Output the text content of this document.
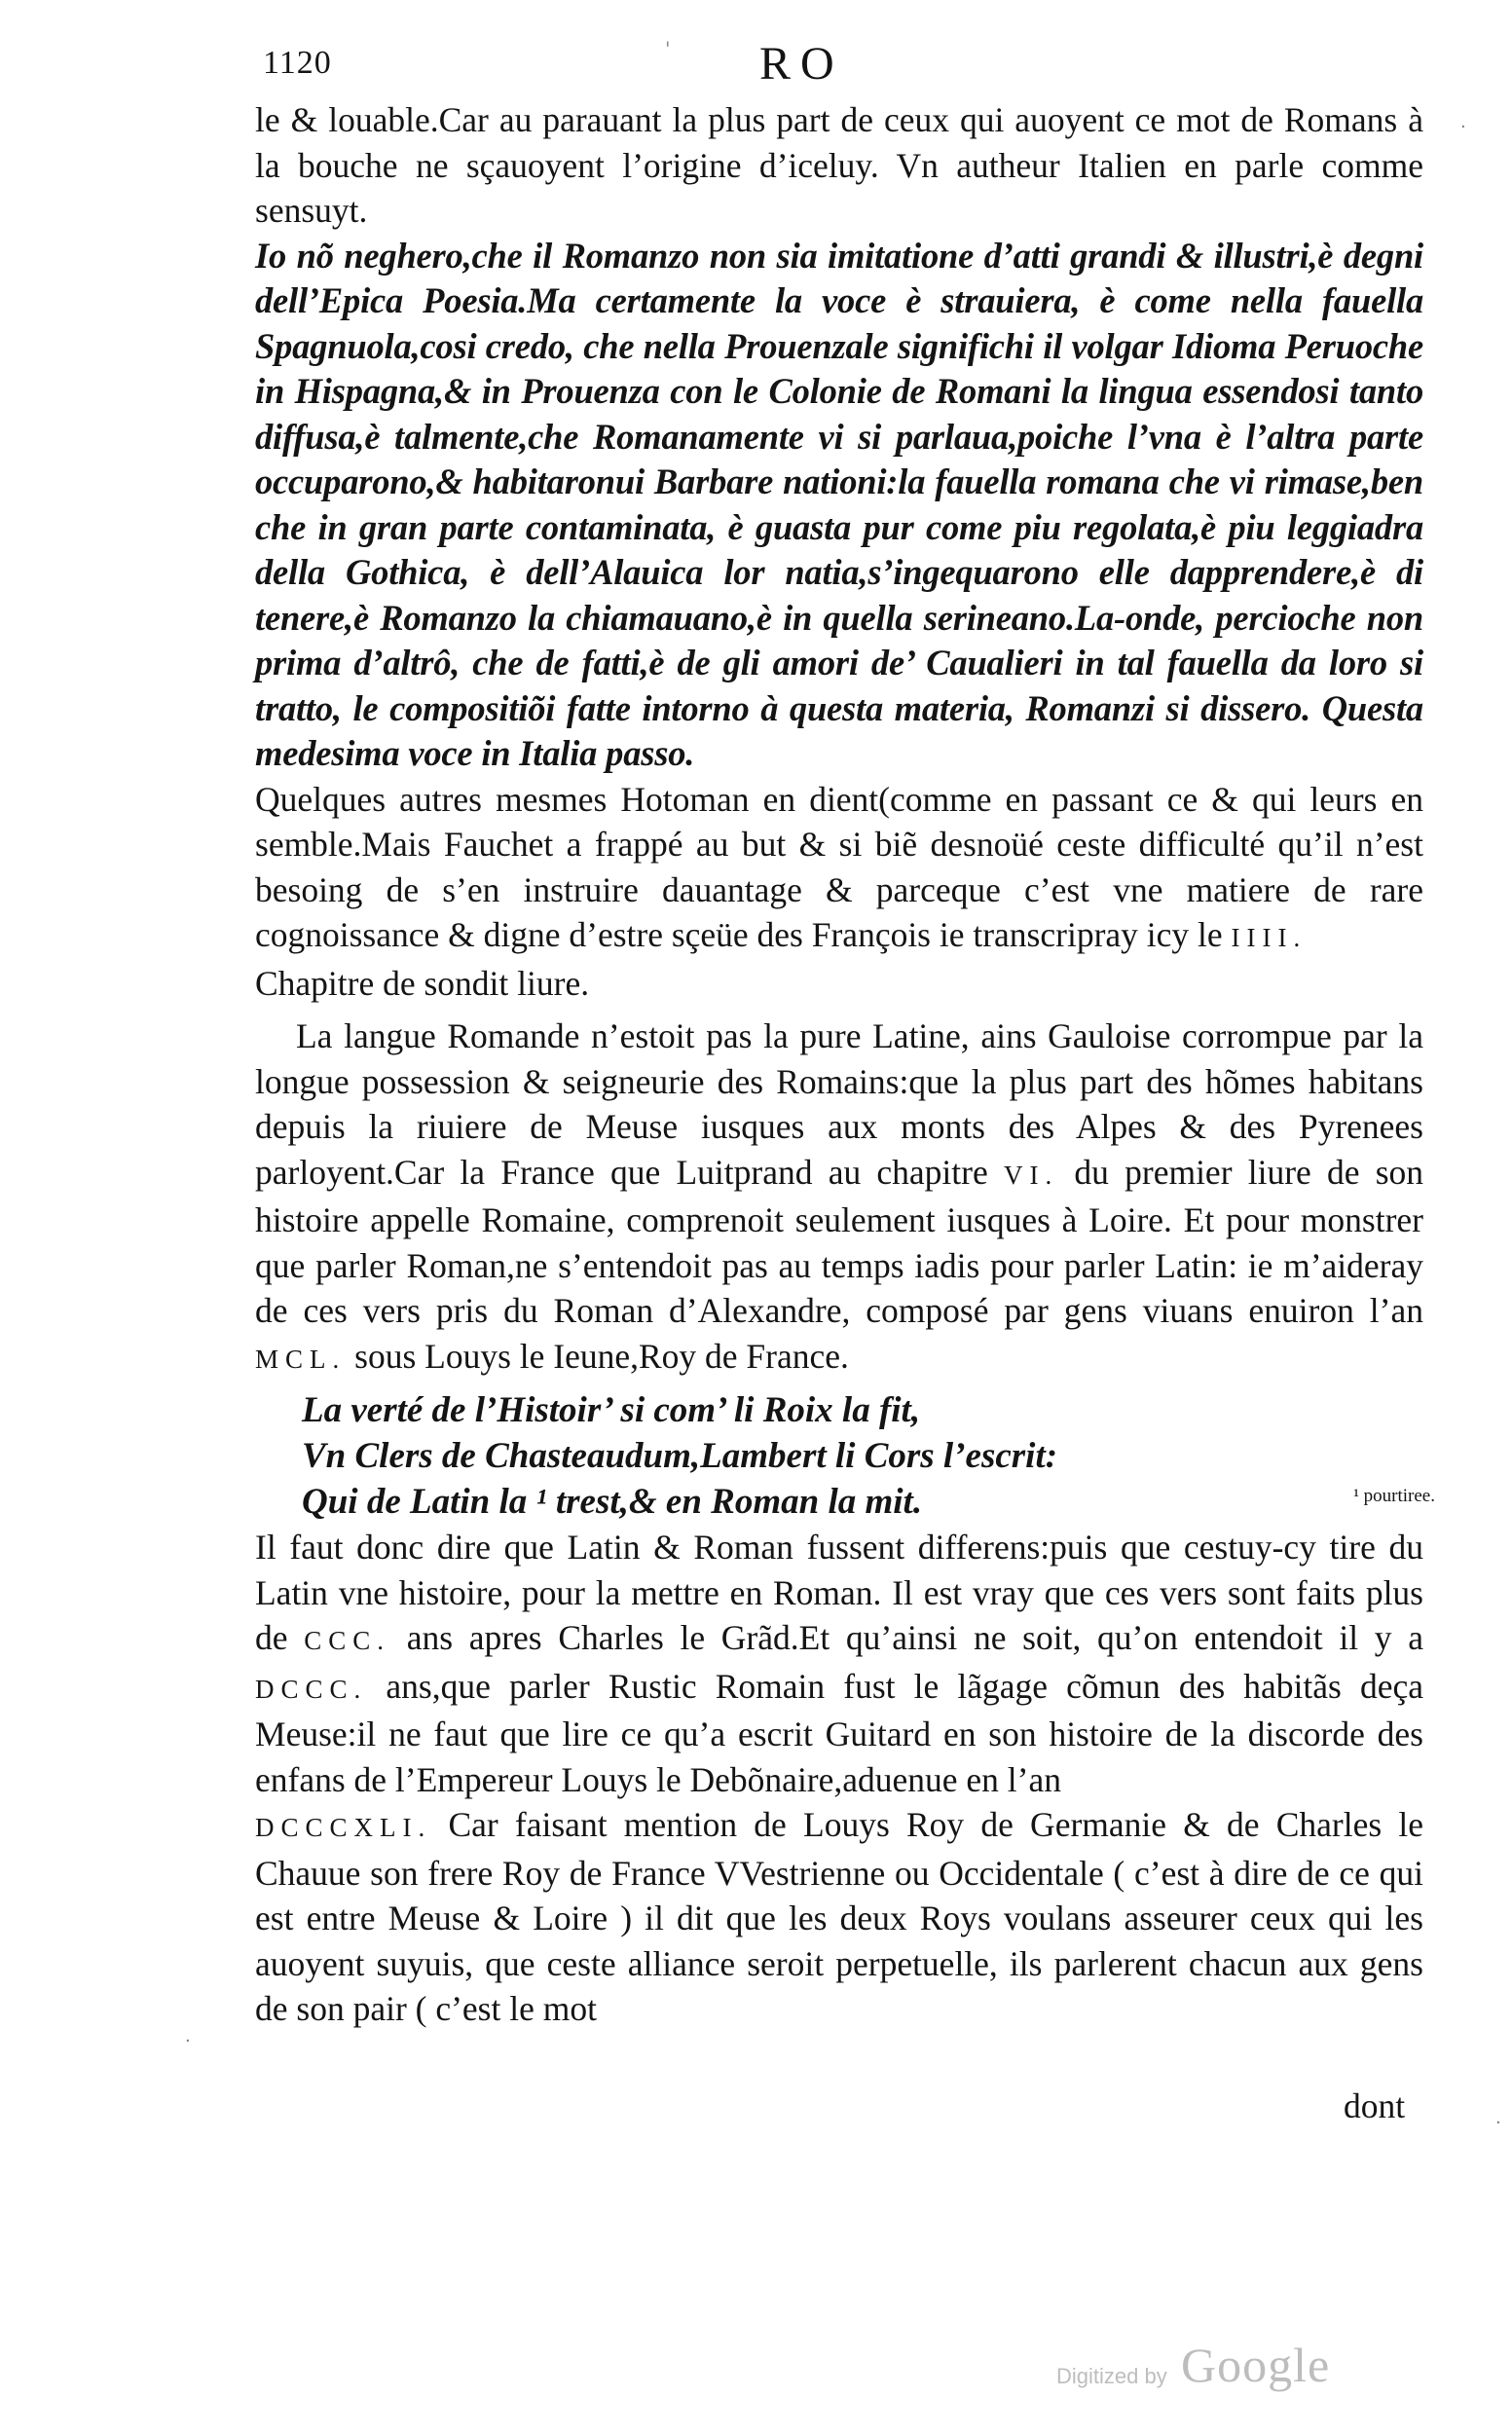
1120	' RO

le & louable.Car au parauant la plus part de ceux qui auoyent ce mot de Romans à la bouche ne sçauoyent l’origine d’iceluy. Vn autheur Italien en parle comme sensuyt.

Io nõ neghero,che il Romanzo non sia imitatione d’atti grandi & illustri,è degni dell’Epica Poesia.Ma certamente la voce è strauiera, è come nella fauella Spagnuola,cosi credo, che nella Prouenzale significhi il volgar Idioma Peruoche in Hispagna,& in Prouenza con le Colonie de Romani la lingua essendosi tanto diffusa,è talmente,che Romanamente vi si parlaua,poiche l’vna è l’altra parte occuparono,& habitaronui Barbare nationi:la fauella romana che vi rimase,ben che in gran parte contaminata, è guasta pur come piu regolata,è piu leggiadra della Gothica, è dell’Alauica lor natia,s’ingequarono elle dapprendere,è di tenere,è Romanzo la chiamauano,è in quella serineano.La-onde, percioche non prima d’altrô, che de fatti,è de gli amori de’ Caualieri in tal fauella da loro si tratto, le compositiõi fatte intorno à questa materia, Romanzi si dissero. Questa medesima voce in Italia passo.

Quelques autres mesmes Hotoman en dient(comme en passant ce & qui leurs en semble.Mais Fauchet a frappé au but & si biẽ desnoüé ceste difficulté qu’il n’est besoing de s’en instruire dauantage & parceque c’est vne matiere de rare cognoissance & digne d’estre sçeüe des François ie transcripray icy le IIII.
Chapitre de sondit liure.

La langue Romande n’estoit pas la pure Latine, ains Gauloise corrompue par la longue possession & seigneurie des Romains:que la plus part des hõmes habitans depuis la riuiere de Meuse iusques aux monts des Alpes & des Pyrenees parloyent.Car la France que Luitprand au chapitre VI. du premier liure de son histoire appelle Romaine, comprenoit seulement iusques à Loire. Et pour monstrer que parler Roman,ne s’entendoit pas au temps iadis pour parler Latin: ie m’aideray de ces vers pris du Roman d’Alexandre, composé par gens viuans enuiron l’an MCL. sous Louys le Ieune,Roy de France.

La verté de l’Histoir’ si com’ li Roix la fit,
Vn Clers de Chasteaudum,Lambert li Cors l’escrit:
Qui de Latin la ¹ trest,& en Roman la mit.	¹ pourtiree.

Il faut donc dire que Latin & Roman fussent differens:puis que cestuy-cy tire du Latin vne histoire, pour la mettre en Roman. Il est vray que ces vers sont faits plus de CCC. ans apres Charles le Grãd.Et qu’ainsi ne soit, qu’on entendoit il y a DCCC. ans,que parler Rustic Romain fust le lãgage cõmun des habitãs deça Meuse:il ne faut que lire ce qu’a escrit Guitard en son histoire de la discorde des enfans de l’Empereur Louys le Debõnaire,aduenue en l’an
DCCCXLI. Car faisant mention de Louys Roy de Germanie & de Charles le Chauue son frere Roy de France VVestrienne ou Occidentale ( c’est à dire de ce qui est entre Meuse & Loire ) il dit que les deux Roys voulans asseurer ceux qui les auoyent suyuis, que ceste alliance seroit perpetuelle, ils parlerent chacun aux gens de son pair ( c’est le mot

dont
·
·
·
Digitized by Google
